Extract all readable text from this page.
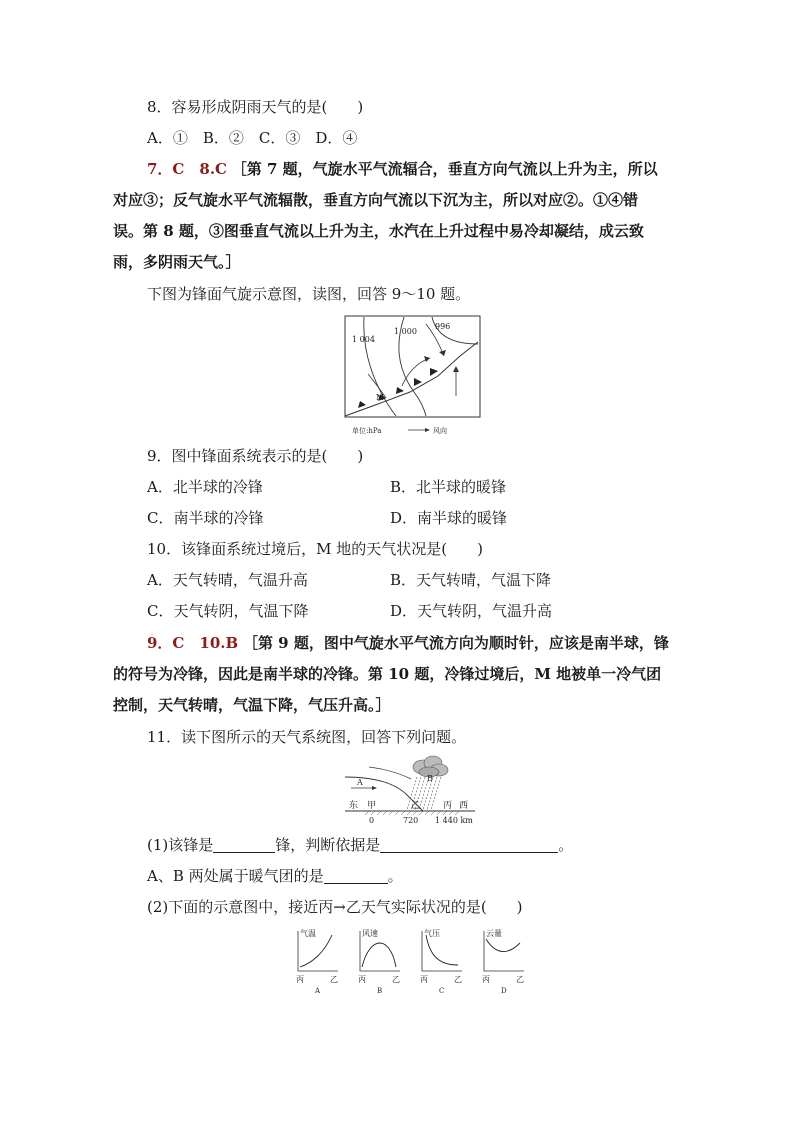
8．容易形成阴雨天气的是(　　)
A．①　B．②　C．③　D．④
7．C　8.C ［第 7 题，气旋水平气流辐合，垂直方向气流以上升为主，所以
对应③；反气旋水平气流辐散，垂直方向气流以下沉为主，所以对应②。①④错
误。第 8 题，③图垂直气流以上升为主，水汽在上升过程中易冷却凝结，成云致
雨，多阴雨天气。］
下图为锋面气旋示意图，读图，回答 9～10 题。
1 004
1 000
996
M
单位:hPa	风向
9．图中锋面系统表示的是(　　)
A．北半球的冷锋	B．北半球的暖锋
C．南半球的冷锋	D．南半球的暖锋
10．该锋面系统过境后，M 地的天气状况是(　　)
A．天气转晴，气温升高	B．天气转晴，气温下降
C．天气转阴，气温下降	D．天气转阴，气温升高
9．C　10.B ［第 9 题，图中气旋水平气流方向为顺时针，应该是南半球，锋
的符号为冷锋，因此是南半球的冷锋。第 10 题，冷锋过境后，M 地被单一冷气团
控制，天气转晴，气温下降，气压升高。］
11．读下图所示的天气系统图，回答下列问题。
A	B
东 甲	乙	丙 西
0	720 1 440 km
(1)该锋是	锋，判断依据是	。
A、B 两处属于暖气团的是	。
(2)下面的示意图中，接近丙→乙天气实际状况的是(　　)
气温
丙	乙
A
风速
丙	乙
B
气压
丙	乙
C
云量
丙	乙
D
